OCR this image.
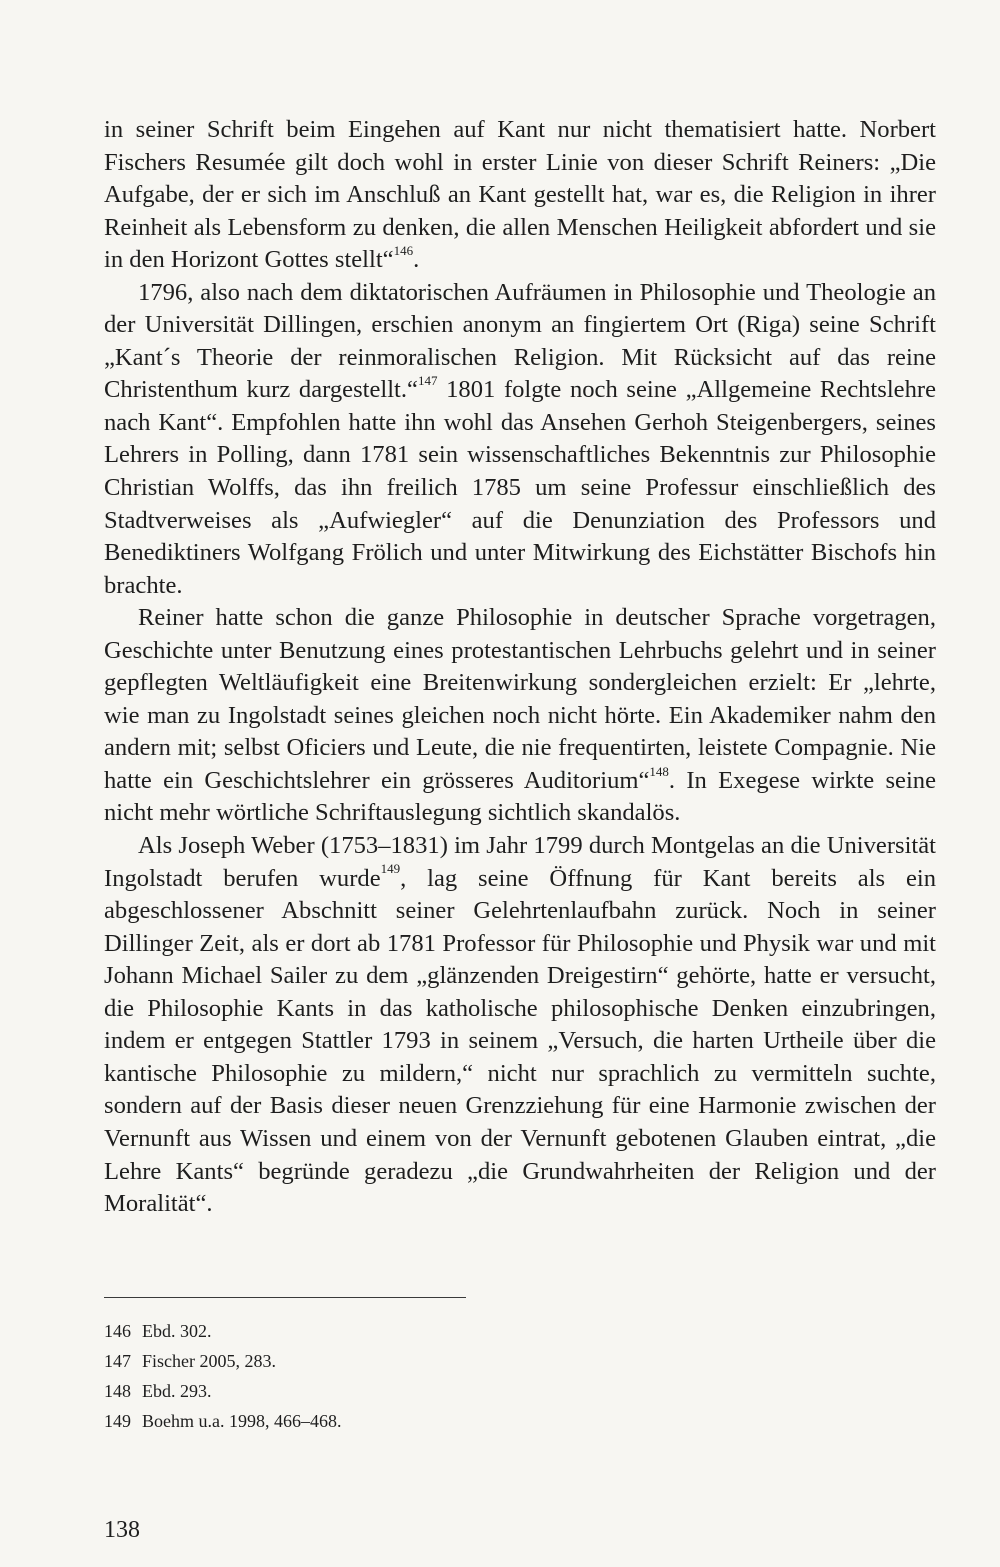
in seiner Schrift beim Eingehen auf Kant nur nicht thematisiert hatte. Norbert Fischers Resumée gilt doch wohl in erster Linie von dieser Schrift Reiners: „Die Aufgabe, der er sich im Anschluß an Kant gestellt hat, war es, die Religion in ihrer Reinheit als Lebensform zu denken, die allen Menschen Heiligkeit abfordert und sie in den Horizont Gottes stellt“$^{146}$.

1796, also nach dem diktatorischen Aufräumen in Philosophie und Theologie an der Universität Dillingen, erschien anonym an fingiertem Ort (Riga) seine Schrift „Kant´s Theorie der reinmoralischen Religion. Mit Rücksicht auf das reine Christenthum kurz dargestellt.“$^{147}$ 1801 folgte noch seine „Allgemeine Rechtslehre nach Kant“. Empfohlen hatte ihn wohl das Ansehen Gerhoh Steigenbergers, seines Lehrers in Polling, dann 1781 sein wissenschaftliches Bekenntnis zur Philosophie Christian Wolffs, das ihn freilich 1785 um seine Professur einschließlich des Stadtverweises als „Aufwiegler“ auf die Denunziation des Professors und Benediktiners Wolfgang Frölich und unter Mitwirkung des Eichstätter Bischofs hin brachte.

Reiner hatte schon die ganze Philosophie in deutscher Sprache vorgetragen, Geschichte unter Benutzung eines protestantischen Lehrbuchs gelehrt und in seiner gepflegten Weltläufigkeit eine Breitenwirkung sondergleichen erzielt: Er „lehrte, wie man zu Ingolstadt seines gleichen noch nicht hörte. Ein Akademiker nahm den andern mit; selbst Oficiers und Leute, die nie frequentirten, leistete Compagnie. Nie hatte ein Geschichtslehrer ein grösseres Auditorium“$^{148}$. In Exegese wirkte seine nicht mehr wörtliche Schriftauslegung sichtlich skandalös.

Als Joseph Weber (1753–1831) im Jahr 1799 durch Montgelas an die Universität Ingolstadt berufen wurde$^{149}$, lag seine Öffnung für Kant bereits als ein abgeschlossener Abschnitt seiner Gelehrtenlaufbahn zurück. Noch in seiner Dillinger Zeit, als er dort ab 1781 Professor für Philosophie und Physik war und mit Johann Michael Sailer zu dem „glänzenden Dreigestirn“ gehörte, hatte er versucht, die Philosophie Kants in das katholische philosophische Denken einzubringen, indem er entgegen Stattler 1793 in seinem „Versuch, die harten Urtheile über die kantische Philosophie zu mildern,“ nicht nur sprachlich zu vermitteln suchte, sondern auf der Basis dieser neuen Grenzziehung für eine Harmonie zwischen der Vernunft aus Wissen und einem von der Vernunft gebotenen Glauben eintrat, „die Lehre Kants“ begründe geradezu „die Grundwahrheiten der Religion und der Moralität“.

146 Ebd. 302.
147 Fischer 2005, 283.
148 Ebd. 293.
149 Boehm u.a. 1998, 466–468.
138
